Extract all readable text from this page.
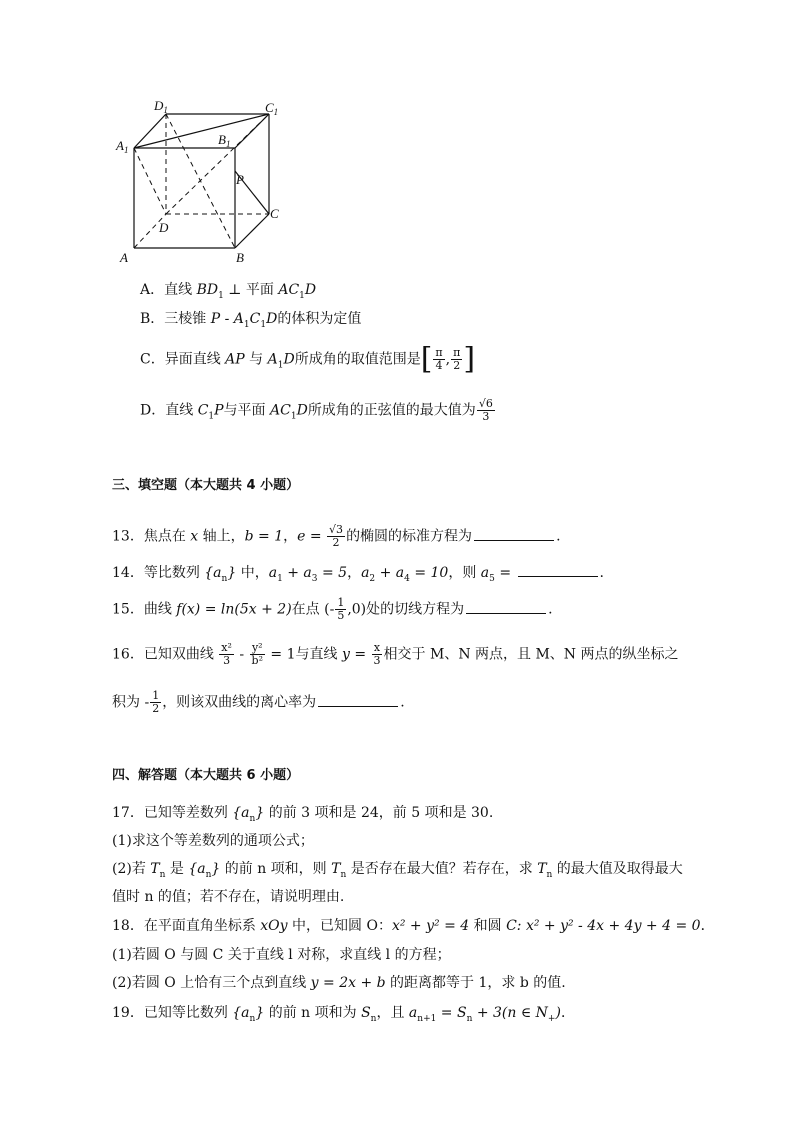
$D_1$	$C_1$
$A_1$
$B_1$
P
C
D
A	B
A．直线 $BD_1$ ⊥ 平面 $AC_1D$
B．三棱锥 P - $A_1C_1D$的体积为定值
C．异面直线 AP 与 $A_1D$所成角的取值范围是[ $\frac{\pi}{4}$ , $\frac{\pi}{2}$ ]
D．直线 $C_1P$与平面 $AC_1D$所成角的正弦值的最大值为 $\frac{√6}{3}$
三、填空题（本大题共 4 小题）
13．焦点在 x 轴上，b = 1，$e = \frac{√3}{2}$ 的椭圆的标准方程为	.
14．等比数列 $\{a_n\}$ 中，$a_1 + a_3 = 5$，$a_2 + a_4 = 10$，则 $a_5$ =	.
15．曲线 f(x) = ln(5x + 2)在点 (- $\frac{1}{5} ,0$)处的切线方程为	.
16．已知双曲线 $\frac{\text{x²}}{3} - \frac{\text{y²}}{\text{b²}} = 1$与直线 $y = \frac{x}{3}$ 相交于 M、N 两点，且 M、N 两点的纵坐标之
积为 - $\frac{1}{2}$ ，则该双曲线的离心率为	.
四、解答题（本大题共 6 小题）
17．已知等差数列 $\{a_n\}$ 的前 3 项和是 24，前 5 项和是 30.
(1)求这个等差数列的通项公式；
(2)若 $T_n$ 是 $\{a_n\}$ 的前 n 项和，则 $T_n$ 是否存在最大值？若存在，求 $T_n$ 的最大值及取得最大
值时 n 的值；若不存在，请说明理由.
18．在平面直角坐标系 xOy 中，已知圆 O：x² + y² = 4 和圆 C: x² + y² - 4x + 4y + 4 = 0．
(1)若圆 O 与圆 C 关于直线 l 对称，求直线 l 的方程；
(2)若圆 O 上恰有三个点到直线 y = 2x + b 的距离都等于 1，求 b 的值.
19．已知等比数列 $\{a_n\}$ 的前 n 项和为 $S_n$，且 $a_{n+1} = S_n + 3(n$ ∈ $N_+$)．
